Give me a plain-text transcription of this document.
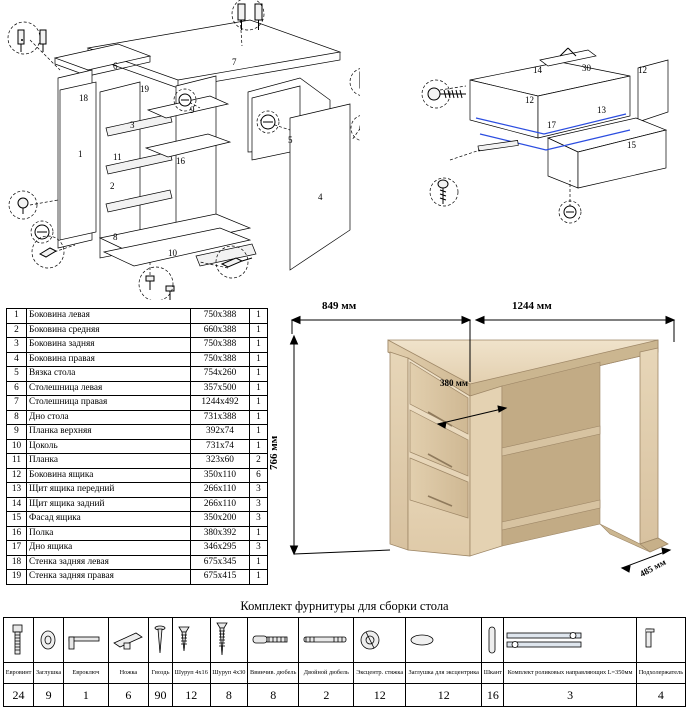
1
2
3
4
5
6	7
8
9
10
11	16
19
18	12
12
14
13
15
17
30
1	Боковина левая	750x388	1
2	Боковина средняя	660x388	1
3	Боковина задняя	750x388	1
4	Боковина правая	750x388	1
5	Вязка стола	754x260	1
6	Столешница левая	357x500	1
7	Столешница правая	1244x492	1
8	Дно стола	731x388	1
9	Планка верхняя	392x74	1
10	Цоколь	731x74	1
11	Планка	323x60	2
12	Боковина ящика	350x110	6
13	Щит ящика передний	266x110	3
14	Щит ящика задний	266x110	3
15	Фасад ящика	350x200	3
16	Полка	380x392	1
17	Дно ящика	346x295	3
18	Стенка задняя левая	675x345	1
19	Стенка задняя правая	675x415	1
849 мм	1244 мм
766 мм
380 мм
485 мм
Комплект фурнитуры для сборки стола

Евровинт	Заглушка	Евроключ	Ножка	Гвоздь	Шуруп 4х16	Шуруп 4х30	Ввинчив. дюбель	Двойной дюбель	Эксцентр. стяжка	Заглушка для эксцентрика	Шкант	Комплект роликовых направляющих L=350мм	Подхолержатель
24	9	1	6	90	12	8	8	2	12	12	16	3	4
